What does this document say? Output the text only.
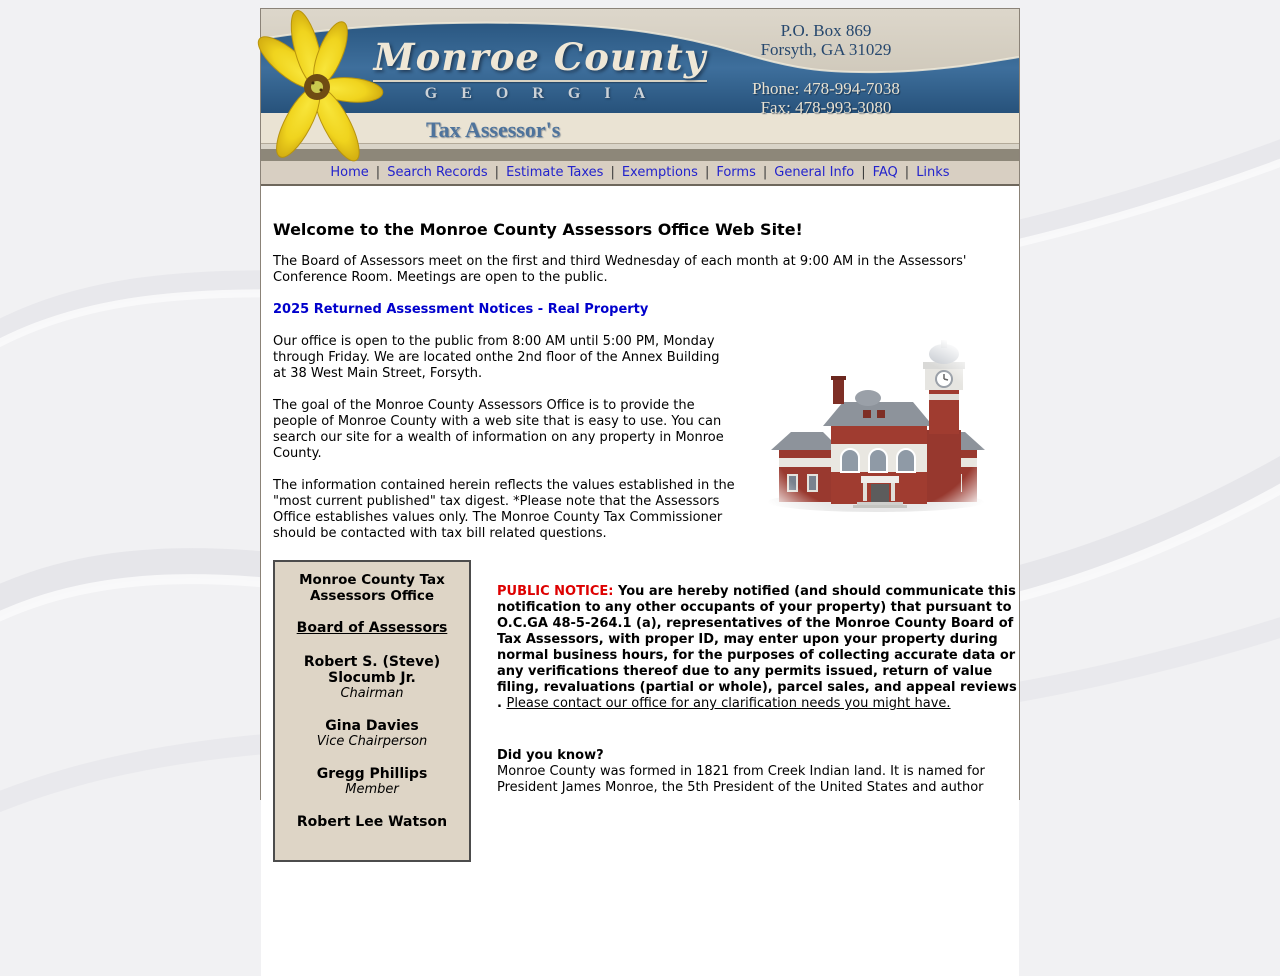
Monroe County
G E O R G I A
Tax Assessor's
P.O. Box 869
Forsyth, GA 31029
Phone: 478-994-7038
Fax: 478-993-3080
Home | Search Records | Estimate Taxes | Exemptions | Forms | General Info | FAQ | Links
Welcome to the Monroe County Assessors Office Web Site!

The Board of Assessors meet on the first and third Wednesday of each month at 9:00 AM in the Assessors' Conference Room. Meetings are open to the public.

2025 Returned Assessment Notices - Real Property

Our office is open to the public from 8:00 AM until 5:00 PM, Monday through Friday. We are located onthe 2nd floor of the Annex Building at 38 West Main Street, Forsyth.

The goal of the Monroe County Assessors Office is to provide the people of Monroe County with a web site that is easy to use. You can search our site for a wealth of information on any property in Monroe County.

The information contained herein reflects the values established in the "most current published" tax digest. *Please note that the Assessors Office establishes values only. The Monroe County Tax Commissioner should be contacted with tax bill related questions.

Monroe County Tax Assessors Office
Board of Assessors
Robert S. (Steve) Slocumb Jr.
Chairman
Gina Davies
Vice Chairperson
Gregg Phillips
Member
Robert Lee Watson
PUBLIC NOTICE: You are hereby notified (and should communicate this notification to any other occupants of your property) that pursuant to O.C.GA 48-5-264.1 (a), representatives of the Monroe County Board of Tax Assessors, with proper ID, may enter upon your property during normal business hours, for the purposes of collecting accurate data or any verifications thereof due to any permits issued, return of value filing, revaluations (partial or whole), parcel sales, and appeal reviews . Please contact our office for any clarification needs you might have.
Did you know?
Monroe County was formed in 1821 from Creek Indian land. It is named for President James Monroe, the 5th President of the United States and author
